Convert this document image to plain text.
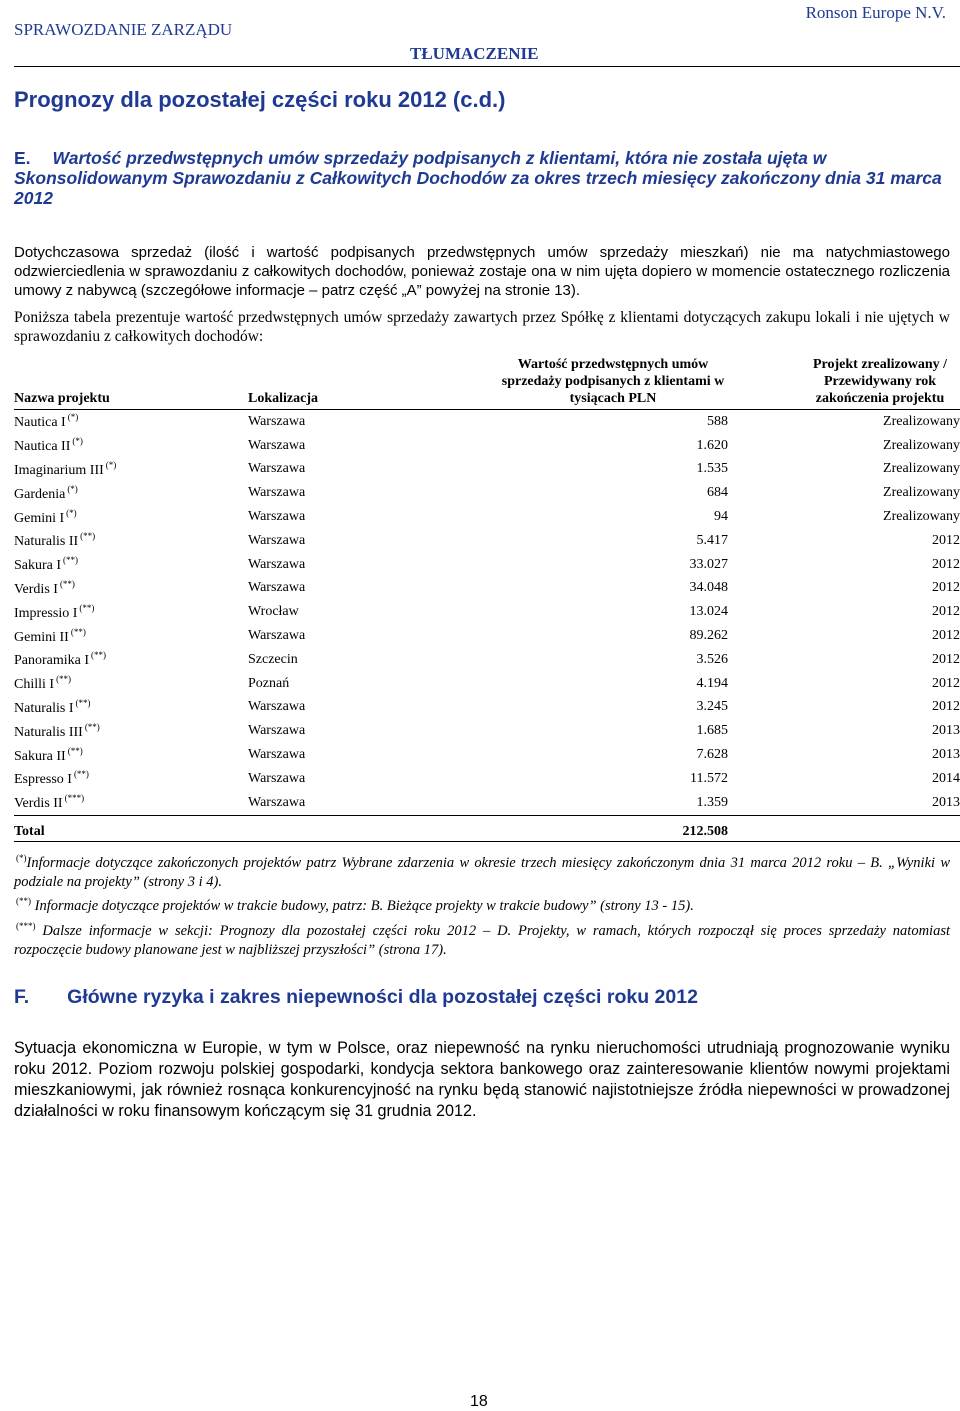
SPRAWOZDANIE ZARZĄDU
TŁUMACZENIE
Ronson Europe N.V.
Prognozy dla pozostałej części roku 2012 (c.d.)
E. Wartość przedwstępnych umów sprzedaży podpisanych z klientami, która nie została ujęta w Skonsolidowanym Sprawozdaniu z Całkowitych Dochodów za okres trzech miesięcy zakończony dnia 31 marca 2012
Dotychczasowa sprzedaż (ilość i wartość podpisanych przedwstępnych umów sprzedaży mieszkań) nie ma natychmiastowego odzwierciedlenia w sprawozdaniu z całkowitych dochodów, ponieważ zostaje ona w nim ujęta dopiero w momencie ostatecznego rozliczenia umowy z nabywcą (szczegółowe informacje – patrz część „A” powyżej na stronie 13).
Poniższa tabela prezentuje wartość przedwstępnych umów sprzedaży zawartych przez Spółkę z klientami dotyczących zakupu lokali i nie ujętych w sprawozdaniu z całkowitych dochodów:
Nazwa projektu	Lokalizacja	Wartość przedwstępnych umów sprzedaży podpisanych z klientami w tysiącach PLN	Projekt zrealizowany / Przewidywany rok zakończenia projektu

Nautica I (*)	Warszawa	588	Zrealizowany
Nautica II (*)	Warszawa	1.620	Zrealizowany
Imaginarium III (*)	Warszawa	1.535	Zrealizowany
Gardenia (*)	Warszawa	684	Zrealizowany
Gemini I (*)	Warszawa	94	Zrealizowany
Naturalis II (**)	Warszawa	5.417	2012
Sakura I (**)	Warszawa	33.027	2012
Verdis I (**)	Warszawa	34.048	2012
Impressio I (**)	Wrocław	13.024	2012
Gemini II (**)	Warszawa	89.262	2012
Panoramika I (**)	Szczecin	3.526	2012
Chilli I (**)	Poznań	4.194	2012
Naturalis I (**)	Warszawa	3.245	2012
Naturalis III (**)	Warszawa	1.685	2013
Sakura II (**)	Warszawa	7.628	2013
Espresso I (**)	Warszawa	11.572	2014
Verdis II (***)	Warszawa	1.359	2013
Total		212.508	
(*)Informacje dotyczące zakończonych projektów patrz Wybrane zdarzenia w okresie trzech miesięcy zakończonym dnia 31 marca 2012 roku – B. „Wyniki w podziale na projekty” (strony 3 i 4).
(**) Informacje dotyczące projektów w trakcie budowy, patrz: B. Bieżące projekty w trakcie budowy” (strony 13 - 15).
(***) Dalsze informacje w sekcji: Prognozy dla pozostałej części roku 2012 – D. Projekty, w ramach, których rozpoczął się proces sprzedaży natomiast rozpoczęcie budowy planowane jest w najbliższej przyszłości” (strona 17).
F. Główne ryzyka i zakres niepewności dla pozostałej części roku 2012
Sytuacja ekonomiczna w Europie, w tym w Polsce, oraz niepewność na rynku nieruchomości utrudniają prognozowanie wyniku roku 2012. Poziom rozwoju polskiej gospodarki, kondycja sektora bankowego oraz zainteresowanie klientów nowymi projektami mieszkaniowymi, jak również rosnąca konkurencyjność na rynku będą stanowić najistotniejsze źródła niepewności w prowadzonej działalności w roku finansowym kończącym się 31 grudnia 2012.
18
